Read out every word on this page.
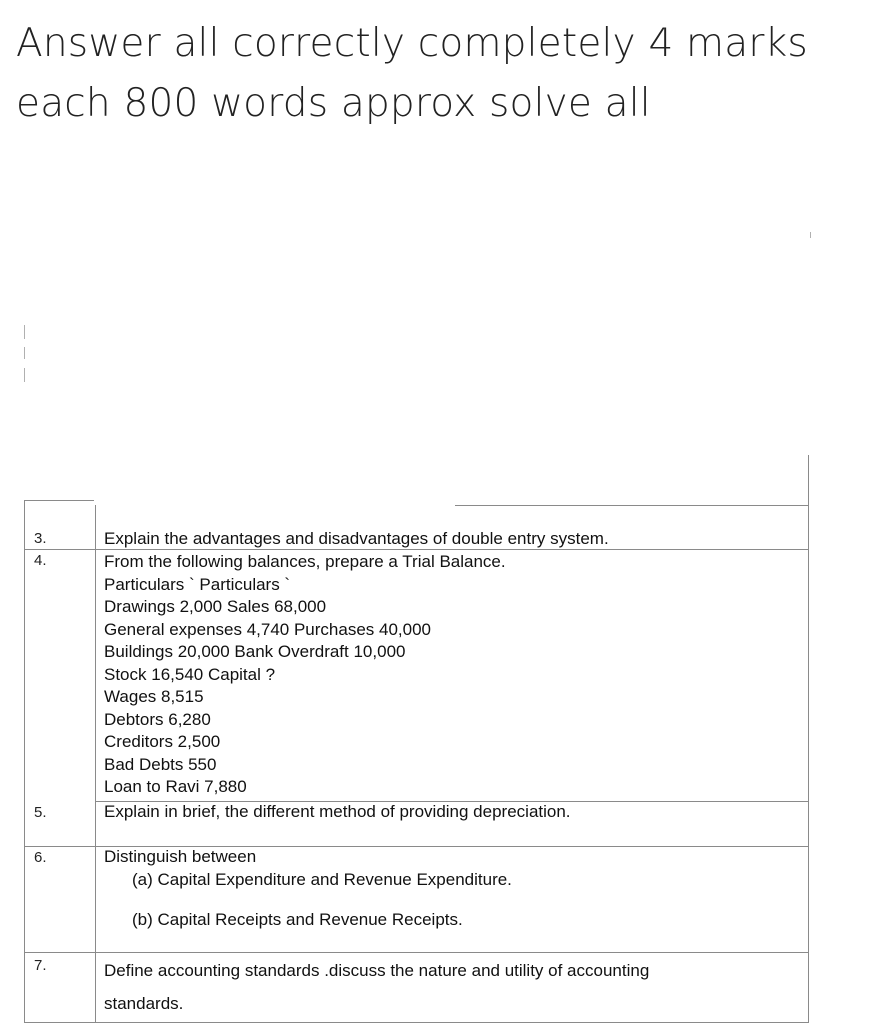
Answer all correctly completely 4 marks
each 800 words approx solve all
3.
4.
5.
6.
7.
Explain the advantages and disadvantages of double entry system.
From the following balances, prepare a Trial Balance.
Particulars ` Particulars `
Drawings 2,000 Sales 68,000
General expenses 4,740 Purchases 40,000
Buildings 20,000 Bank Overdraft 10,000
Stock 16,540 Capital ?
Wages 8,515
Debtors 6,280
Creditors 2,500
Bad Debts 550
Loan to Ravi 7,880
Explain in brief, the different method of providing depreciation.
Distinguish between
(a) Capital Expenditure and Revenue Expenditure.
(b) Capital Receipts and Revenue Receipts.
Define accounting standards .discuss the nature and utility of accounting
standards.
